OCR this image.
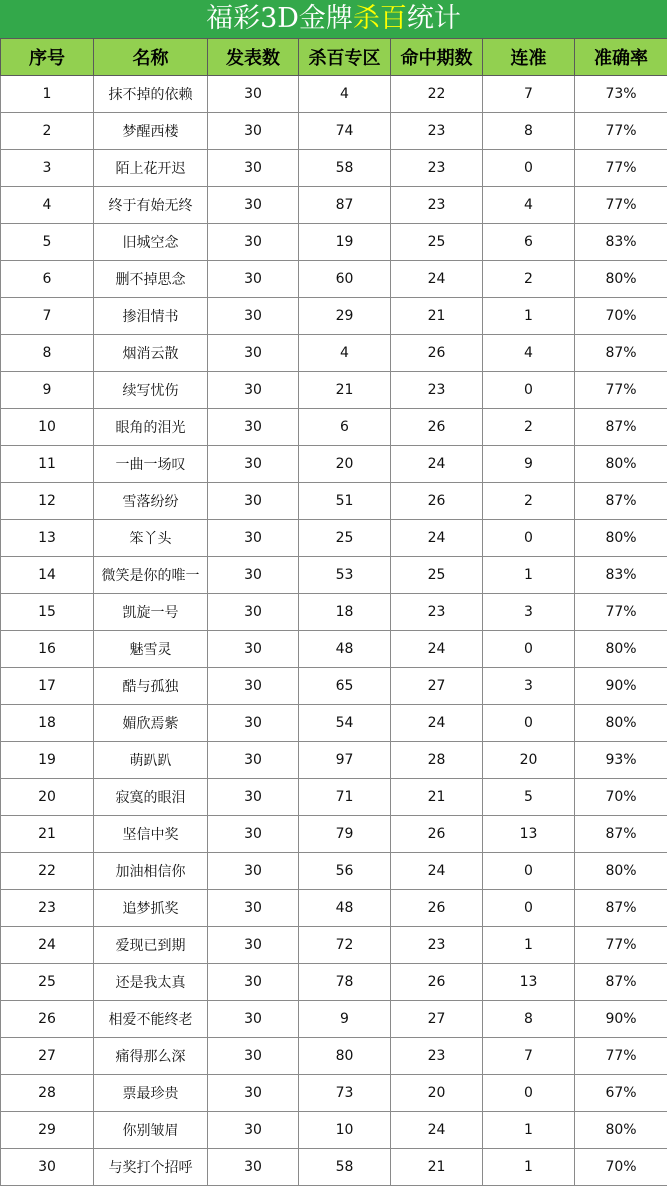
福彩3D金牌杀百统计
序号	名称	发表数	杀百专区	命中期数	连准	准确率
1	抹不掉的依赖	30	4	22	7	73%
2	梦醒西楼	30	74	23	8	77%
3	陌上花开迟	30	58	23	0	77%
4	终于有始无终	30	87	23	4	77%
5	旧城空念	30	19	25	6	83%
6	删不掉思念	30	60	24	2	80%
7	掺泪情书	30	29	21	1	70%
8	烟消云散	30	4	26	4	87%
9	续写忧伤	30	21	23	0	77%
10	眼角的泪光	30	6	26	2	87%
11	一曲一场叹	30	20	24	9	80%
12	雪落纷纷	30	51	26	2	87%
13	笨丫头	30	25	24	0	80%
14	微笑是你的唯一	30	53	25	1	83%
15	凯旋一号	30	18	23	3	77%
16	魅雪灵	30	48	24	0	80%
17	酷与孤独	30	65	27	3	90%
18	媚欣焉紫	30	54	24	0	80%
19	萌趴趴	30	97	28	20	93%
20	寂寞的眼泪	30	71	21	5	70%
21	坚信中奖	30	79	26	13	87%
22	加油相信你	30	56	24	0	80%
23	追梦抓奖	30	48	26	0	87%
24	爱现已到期	30	72	23	1	77%
25	还是我太真	30	78	26	13	87%
26	相爱不能终老	30	9	27	8	90%
27	痛得那么深	30	80	23	7	77%
28	票最珍贵	30	73	20	0	67%
29	你别皱眉	30	10	24	1	80%
30	与奖打个招呼	30	58	21	1	70%
